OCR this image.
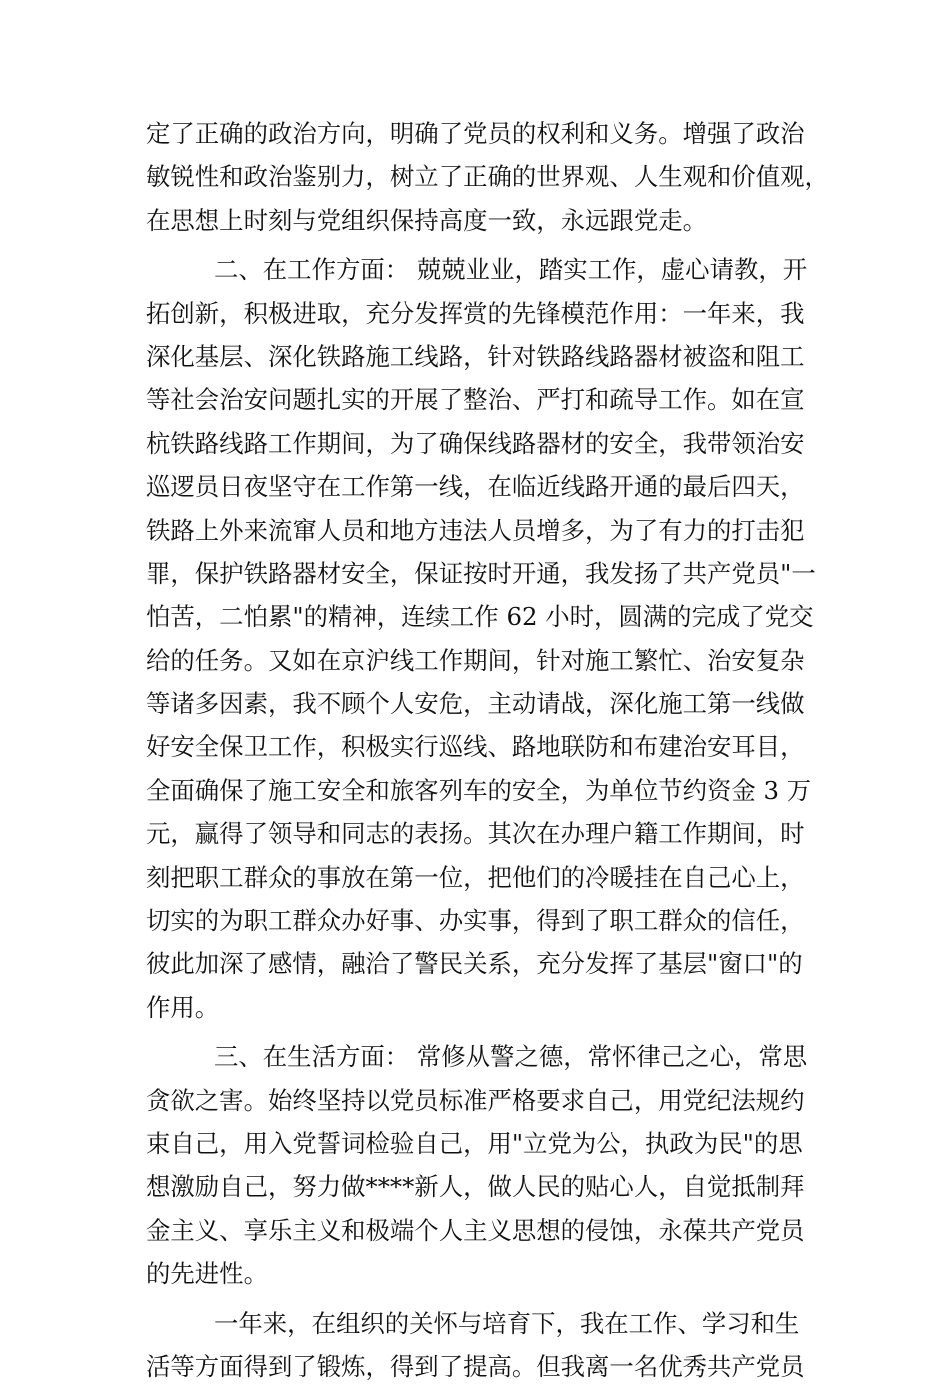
定了正确的政治方向，明确了党员的权利和义务。增强了政治
敏锐性和政治鉴别力，树立了正确的世界观、人生观和价值观，
在思想上时刻与党组织保持高度一致，永远跟党走。
二、在工作方面： 兢兢业业，踏实工作，虚心请教，开
拓创新，积极进取，充分发挥赏的先锋模范作用：一年来，我
深化基层、深化铁路施工线路，针对铁路线路器材被盗和阻工
等社会治安问题扎实的开展了整治、严打和疏导工作。如在宣
杭铁路线路工作期间，为了确保线路器材的安全，我带领治安
巡逻员日夜坚守在工作第一线，在临近线路开通的最后四天，
铁路上外来流窜人员和地方违法人员增多，为了有力的打击犯
罪，保护铁路器材安全，保证按时开通，我发扬了共产党员"一
怕苦，二怕累"的精神，连续工作 62 小时，圆满的完成了党交
给的任务。又如在京沪线工作期间，针对施工繁忙、治安复杂
等诸多因素，我不顾个人安危，主动请战，深化施工第一线做
好安全保卫工作，积极实行巡线、路地联防和布建治安耳目，
全面确保了施工安全和旅客列车的安全，为单位节约资金 3 万
元，赢得了领导和同志的表扬。其次在办理户籍工作期间，时
刻把职工群众的事放在第一位，把他们的冷暖挂在自己心上，
切实的为职工群众办好事、办实事，得到了职工群众的信任，
彼此加深了感情，融洽了警民关系，充分发挥了基层"窗口"的
作用。
三、在生活方面： 常修从警之德，常怀律己之心，常思
贪欲之害。始终坚持以党员标准严格要求自己，用党纪法规约
束自己，用入党誓词检验自己，用"立党为公，执政为民"的思
想激励自己，努力做****新人，做人民的贴心人，自觉抵制拜
金主义、享乐主义和极端个人主义思想的侵蚀，永葆共产党员
的先进性。
一年来，在组织的关怀与培育下，我在工作、学习和生
活等方面得到了锻炼，得到了提高。但我离一名优秀共产党员
